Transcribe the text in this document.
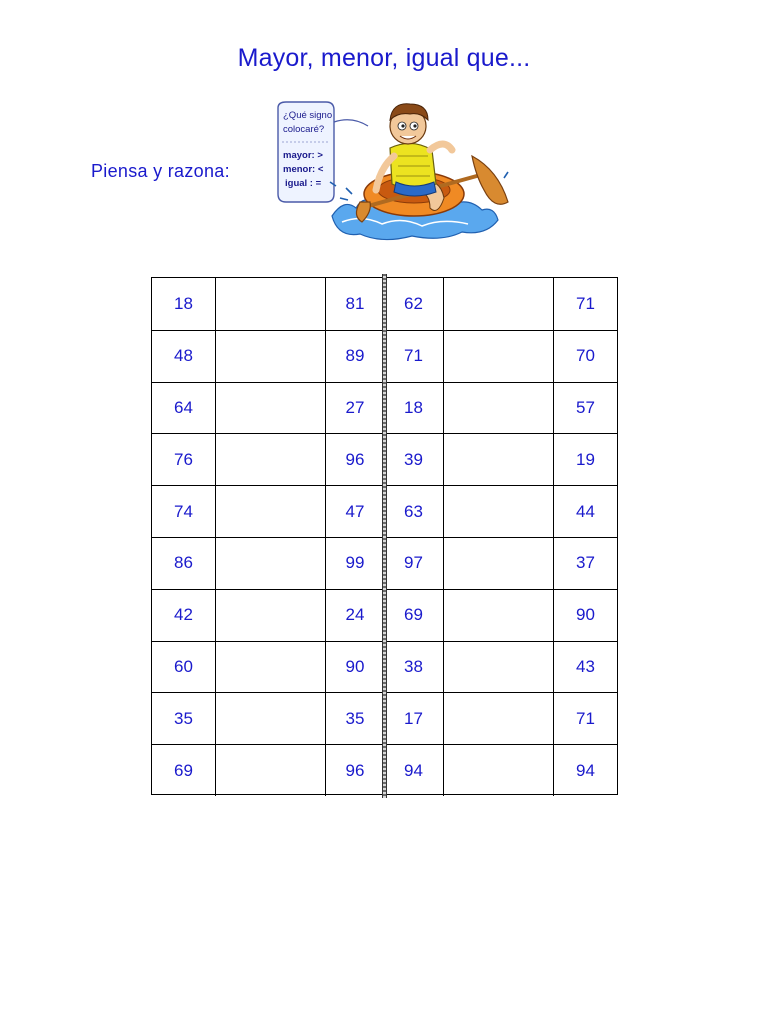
Mayor, menor, igual que...
Piensa y razona:
¿Qué signo
colocaré?
mayor: >
menor: <
igual : =
69	96	94	94
35	35	17	71
60	90	38	43
42	24	69	90
86	99	97	37
74	47	63	44
76	96	39	19
64	27	18	57
48	89	71	70
18	81	62	71
